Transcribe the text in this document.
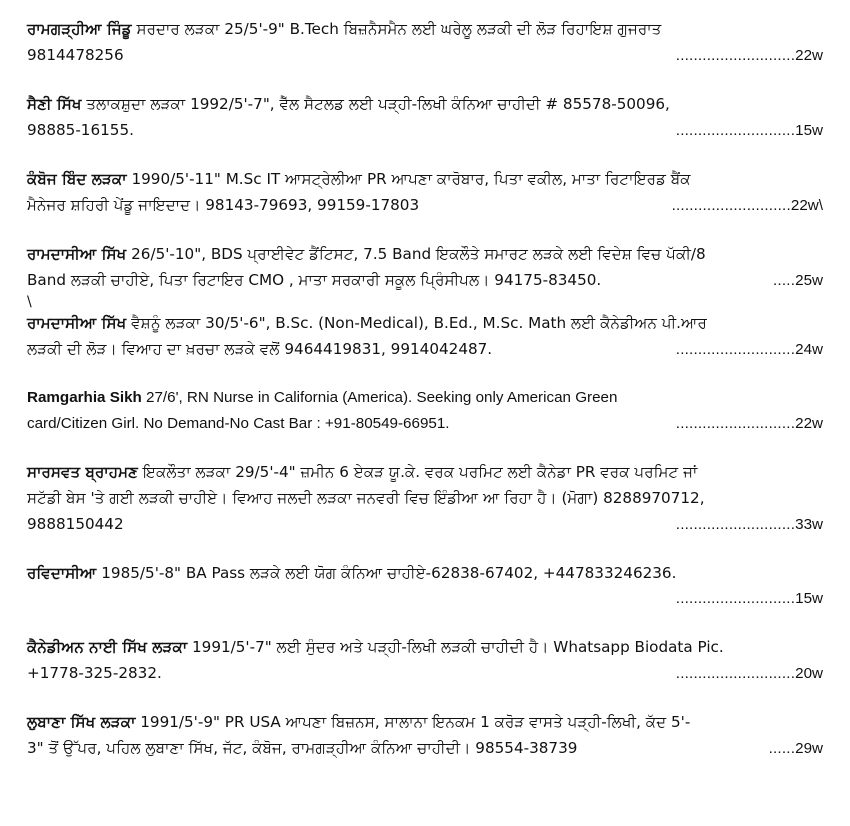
ਰਾਮਗੜ੍ਹੀਆ ਜਿੰਡੂ ਸਰਦਾਰ ਲੜਕਾ 25/5'-9" B.Tech ਬਿਜ਼ਨੈਸਮੈਨ ਲਈ ਘਰੇਲੂ ਲੜਕੀ ਦੀ ਲੋੜ ਰਿਹਾਇਸ਼ ਗੁਜਰਾਤ
9814478256	...........................22w
ਸੈਣੀ ਸਿੱਖ ਤਲਾਕਸ਼ੁਦਾ ਲੜਕਾ 1992/5'-7", ਵੈੱਲ ਸੈਟਲਡ ਲਈ ਪੜ੍ਹੀ-ਲਿਖੀ ਕੰਨਿਆ ਚਾਹੀਦੀ # 85578-50096,
98885-16155.	...........................15w
ਕੰਬੋਜ ਬਿੰਦ ਲੜਕਾ 1990/5'-11" M.Sc IT ਆਸਟ੍ਰੇਲੀਆ PR ਆਪਣਾ ਕਾਰੋਬਾਰ, ਪਿਤਾ ਵਕੀਲ, ਮਾਤਾ ਰਿਟਾਇਰਡ ਬੈਂਕ
ਮੈਨੇਜਰ ਸ਼ਹਿਰੀ ਪੇਂਡੂ ਜਾਇਦਾਦ। 98143-79693, 99159-17803	...........................22w\
ਰਾਮਦਾਸੀਆ ਸਿੱਖ 26/5'-10", BDS ਪ੍ਰਾਈਵੇਟ ਡੈਂਟਿਸਟ, 7.5 Band ਇਕਲੌਤੇ ਸਮਾਰਟ ਲੜਕੇ ਲਈ ਵਿਦੇਸ਼ ਵਿਚ ਪੱਕੀ/8
Band ਲੜਕੀ ਚਾਹੀਏ, ਪਿਤਾ ਰਿਟਾਇਰ CMO , ਮਾਤਾ ਸਰਕਾਰੀ ਸਕੂਲ ਪ੍ਰਿੰਸੀਪਲ। 94175-83450.	.....25w

\

ਰਾਮਦਾਸੀਆ ਸਿੱਖ ਵੈਸ਼ਨੂੰ ਲੜਕਾ 30/5'-6", B.Sc. (Non-Medical), B.Ed., M.Sc. Math ਲਈ ਕੈਨੇਡੀਅਨ ਪੀ.ਆਰ
ਲੜਕੀ ਦੀ ਲੋੜ। ਵਿਆਹ ਦਾ ਖ਼ਰਚਾ ਲੜਕੇ ਵਲੋਂ 9464419831, 9914042487.	...........................24w
Ramgarhia Sikh 27/6', RN Nurse in California (America). Seeking only American Green
card/Citizen Girl. No Demand-No Cast Bar : +91-80549-66951.	...........................22w
ਸਾਰਸਵਤ ਬ੍ਰਾਹਮਣ ਇਕਲੌਤਾ ਲੜਕਾ 29/5'-4" ਜ਼ਮੀਨ 6 ਏਕੜ ਯੂ.ਕੇ. ਵਰਕ ਪਰਮਿਟ ਲਈ ਕੈਨੇਡਾ PR ਵਰਕ ਪਰਮਿਟ ਜਾਂ
ਸਟੱਡੀ ਬੇਸ 'ਤੇ ਗਈ ਲੜਕੀ ਚਾਹੀਏ। ਵਿਆਹ ਜਲਦੀ ਲੜਕਾ ਜਨਵਰੀ ਵਿਚ ਇੰਡੀਆ ਆ ਰਿਹਾ ਹੈ। (ਮੋਗਾ) 8288970712,
9888150442	...........................33w
ਰਵਿਦਾਸੀਆ 1985/5'-8" BA Pass ਲੜਕੇ ਲਈ ਯੋਗ ਕੰਨਿਆ ਚਾਹੀਏ-62838-67402, +447833246236.
...........................15w
ਕੈਨੇਡੀਅਨ ਨਾਈ ਸਿੱਖ ਲੜਕਾ 1991/5'-7" ਲਈ ਸੁੰਦਰ ਅਤੇ ਪੜ੍ਹੀ-ਲਿਖੀ ਲੜਕੀ ਚਾਹੀਦੀ ਹੈ। Whatsapp Biodata Pic.
+1778-325-2832.	...........................20w
ਲੁਬਾਣਾ ਸਿੱਖ ਲੜਕਾ 1991/5'-9" PR USA ਆਪਣਾ ਬਿਜ਼ਨਸ, ਸਾਲਾਨਾ ਇਨਕਮ 1 ਕਰੋੜ ਵਾਸਤੇ ਪੜ੍ਹੀ-ਲਿਖੀ, ਕੱਦ 5'-
3" ਤੋਂ ਉੱਪਰ, ਪਹਿਲ ਲੁਬਾਣਾ ਸਿੱਖ, ਜੱਟ, ਕੰਬੋਜ, ਰਾਮਗੜ੍ਹੀਆ ਕੰਨਿਆ ਚਾਹੀਦੀ। 98554-38739	......29w
